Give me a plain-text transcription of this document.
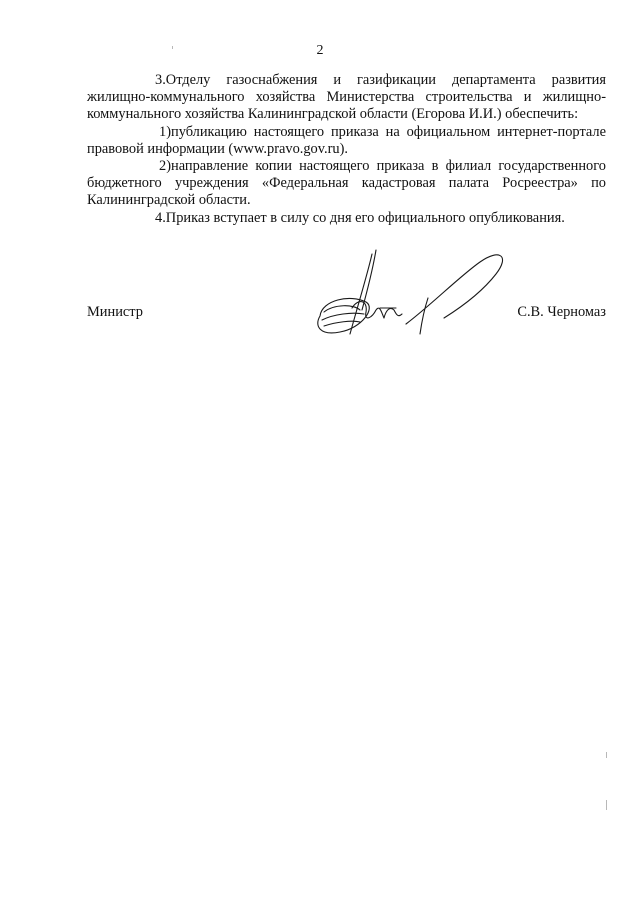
2

3.Отделу газоснабжения и газификации департамента развития жилищно-коммунального хозяйства Министерства строительства и жилищно-коммунального хозяйства Калининградской области (Егорова И.И.) обеспечить:

1)публикацию настоящего приказа на официальном интернет-портале правовой информации (www.pravo.gov.ru).

2)направление копии настоящего приказа в филиал государственного бюджетного учреждения «Федеральная кадастровая палата Росреестра» по Калининградской области.

4.Приказ вступает в силу со дня его официального опубликования.

Министр	С.В. Черномаз
